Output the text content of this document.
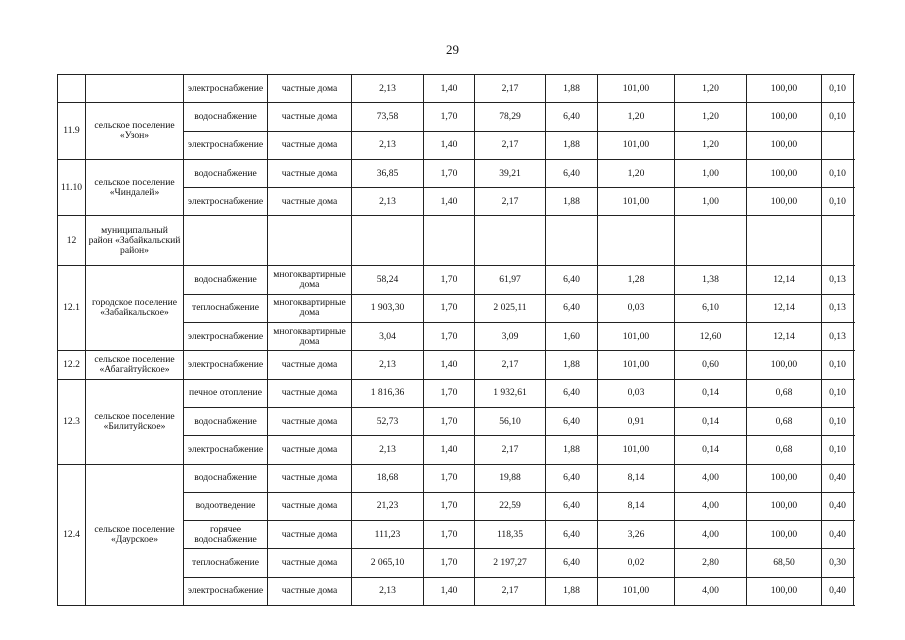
29
		электроснабжение	частные дома	2,13	1,40	2,17	1,88	101,00	1,20	100,00	0,10
11.9	сельское поселение «Узон»	водоснабжение	частные дома	73,58	1,70	78,29	6,40	1,20	1,20	100,00	0,10
		электроснабжение	частные дома	2,13	1,40	2,17	1,88	101,00	1,20	100,00	
11.10	сельское поселение «Чиндалей»	водоснабжение	частные дома	36,85	1,70	39,21	6,40	1,20	1,00	100,00	0,10
		электроснабжение	частные дома	2,13	1,40	2,17	1,88	101,00	1,00	100,00	0,10
12	муниципальный район «Забайкальский район»										
12.1	городское поселение «Забайкальское»	водоснабжение	многоквартирные дома	58,24	1,70	61,97	6,40	1,28	1,38	12,14	0,13
		теплоснабжение	многоквартирные дома	1 903,30	1,70	2 025,11	6,40	0,03	6,10	12,14	0,13
		электроснабжение	многоквартирные дома	3,04	1,70	3,09	1,60	101,00	12,60	12,14	0,13
12.2	сельское поселение «Абагайтуйское»	электроснабжение	частные дома	2,13	1,40	2,17	1,88	101,00	0,60	100,00	0,10
12.3	сельское поселение «Билитуйское»	печное отопление	частные дома	1 816,36	1,70	1 932,61	6,40	0,03	0,14	0,68	0,10
		водоснабжение	частные дома	52,73	1,70	56,10	6,40	0,91	0,14	0,68	0,10
		электроснабжение	частные дома	2,13	1,40	2,17	1,88	101,00	0,14	0,68	0,10
12.4	сельское поселение «Даурское»	водоснабжение	частные дома	18,68	1,70	19,88	6,40	8,14	4,00	100,00	0,40
		водоотведение	частные дома	21,23	1,70	22,59	6,40	8,14	4,00	100,00	0,40
		горячее водоснабжение	частные дома	111,23	1,70	118,35	6,40	3,26	4,00	100,00	0,40
		теплоснабжение	частные дома	2 065,10	1,70	2 197,27	6,40	0,02	2,80	68,50	0,30
		электроснабжение	частные дома	2,13	1,40	2,17	1,88	101,00	4,00	100,00	0,40
